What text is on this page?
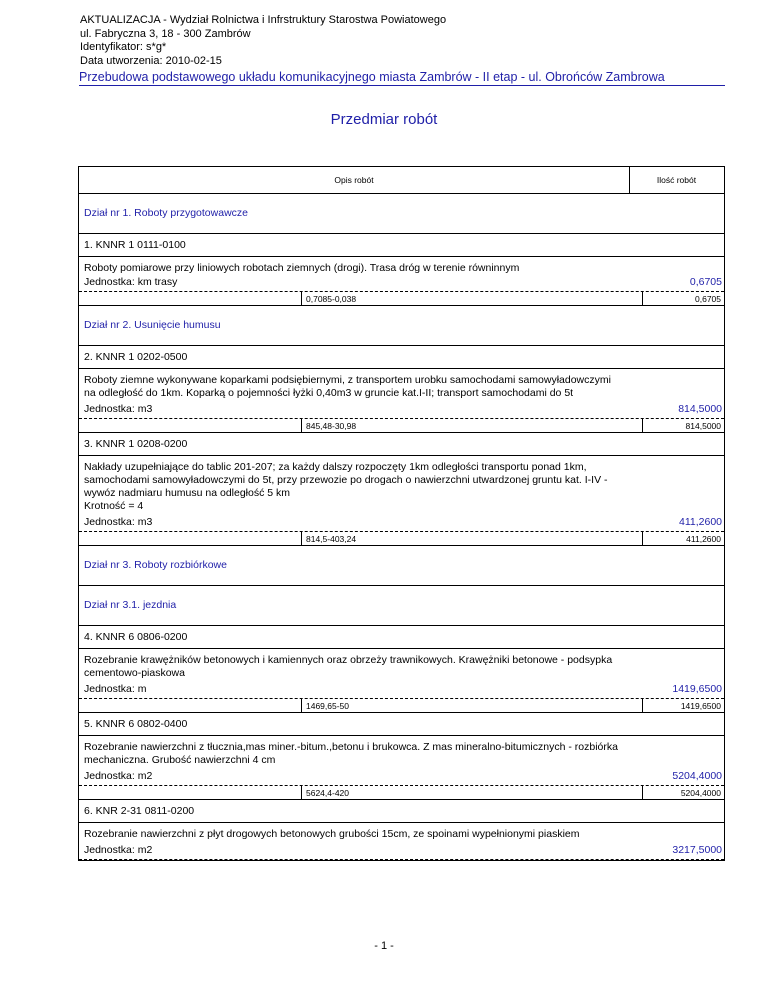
AKTUALIZACJA - Wydział Rolnictwa i Infrstruktury Starostwa Powiatowego
ul. Fabryczna 3, 18 - 300 Zambrów
Identyfikator: s*g*
Data utworzenia: 2010-02-15
Przebudowa podstawowego układu komunikacyjnego miasta Zambrów - II etap - ul. Obrońców Zambrowa
Przedmiar robót
Opis robót	Ilość robót
Dział nr 1. Roboty przygotowawcze
1. KNNR 1 0111-0100
Roboty pomiarowe przy liniowych robotach ziemnych (drogi). Trasa dróg w terenie równinnym
Jednostka: km trasy	0,6705
0,7085-0,038	0,6705
Dział nr 2. Usunięcie humusu
2. KNNR 1 0202-0500
Roboty ziemne wykonywane koparkami podsiębiernymi, z transportem urobku samochodami samowyładowczymi na odległość do 1km. Koparką o pojemności łyżki 0,40m3 w gruncie kat.I-II; transport samochodami do 5t
Jednostka: m3	814,5000
845,48-30,98	814,5000
3. KNNR 1 0208-0200
Nakłady uzupełniające do tablic 201-207; za każdy dalszy rozpoczęty 1km odległości transportu ponad 1km, samochodami samowyładowczymi do 5t, przy przewozie po drogach o nawierzchni utwardzonej gruntu kat. I-IV - wywóz nadmiaru humusu na odległość 5 km
Krotność = 4
Jednostka: m3	411,2600
814,5-403,24	411,2600
Dział nr 3. Roboty rozbiórkowe
Dział nr 3.1. jezdnia
4. KNNR 6 0806-0200
Rozebranie krawężników betonowych i kamiennych oraz obrzeży trawnikowych. Krawężniki betonowe - podsypka cementowo-piaskowa
Jednostka: m	1419,6500
1469,65-50	1419,6500
5. KNNR 6 0802-0400
Rozebranie nawierzchni z tłucznia,mas miner.-bitum.,betonu i brukowca. Z mas mineralno-bitumicznych - rozbiórka mechaniczna. Grubość nawierzchni 4 cm
Jednostka: m2	5204,4000
5624,4-420	5204,4000
6. KNR 2-31 0811-0200
Rozebranie nawierzchni z płyt drogowych betonowych grubości 15cm, ze spoinami wypełnionymi piaskiem
Jednostka: m2	3217,5000
- 1 -
